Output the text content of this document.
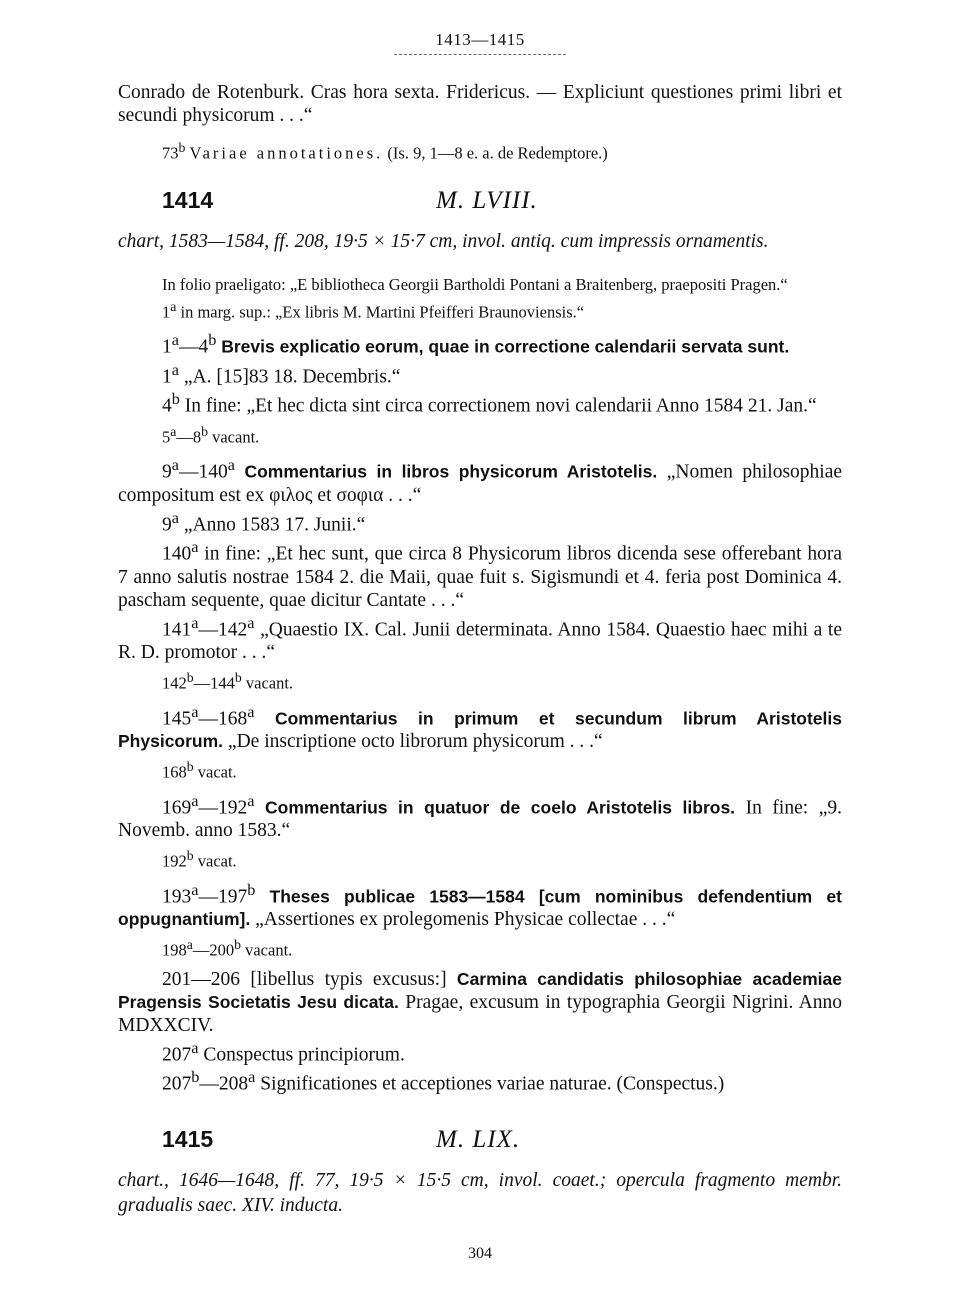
1413—1415

Conrado de Rotenburk. Cras hora sexta. Fridericus. — Expliciunt questiones primi libri et secundi physicorum . . .“

73$^b$ Variae annotationes. (Is. 9, 1—8 e. a. de Redemptore.)

1414	M. LVIII.

chart, 1583—1584, ff. 208, 19·5 × 15·7 cm, invol. antiq. cum impressis ornamentis.

In folio praeligato: „E bibliotheca Georgii Bartholdi Pontani a Braitenberg, praepositi Pragen.“

1$^a$ in marg. sup.: „Ex libris M. Martini Pfeifferi Braunoviensis.“

1$^a$—4$^b$ Brevis explicatio eorum, quae in correctione calendarii servata sunt.

1$^a$ „A. [15]83 18. Decembris.“

4$^b$ In fine: „Et hec dicta sint circa correctionem novi calendarii Anno 1584 21. Jan.“

5$^a$—8$^b$ vacant.

9$^a$—140$^a$ Commentarius in libros physicorum Aristotelis. „Nomen philosophiae compositum est ex φιλος et σοφια . . .“

9$^a$ „Anno 1583 17. Junii.“

140$^a$ in fine: „Et hec sunt, que circa 8 Physicorum libros dicenda sese offerebant hora 7 anno salutis nostrae 1584 2. die Maii, quae fuit s. Sigismundi et 4. feria post Dominica 4. pascham sequente, quae dicitur Cantate . . .“

141$^a$—142$^a$ „Quaestio IX. Cal. Junii determinata. Anno 1584. Quaestio haec mihi a te R. D. promotor . . .“

142$^b$—144$^b$ vacant.

145$^a$—168$^a$ Commentarius in primum et secundum librum Aristotelis Physicorum. „De inscriptione octo librorum physicorum . . .“

168$^b$ vacat.

169$^a$—192$^a$ Commentarius in quatuor de coelo Aristotelis libros. In fine: „9. Novemb. anno 1583.“

192$^b$ vacat.

193$^a$—197$^b$ Theses publicae 1583—1584 [cum nominibus defendentium et oppugnantium]. „Assertiones ex prolegomenis Physicae collectae . . .“

198$^a$—200$^b$ vacant.

201—206 [libellus typis excusus:] Carmina candidatis philosophiae academiae Pragensis Societatis Jesu dicata. Pragae, excusum in typographia Georgii Nigrini. Anno MDXXCIV.

207$^a$ Conspectus principiorum.

207$^b$—208$^a$ Significationes et acceptiones variae naturae. (Conspectus.)

1415	M. LIX.

chart., 1646—1648, ff. 77, 19·5 × 15·5 cm, invol. coaet.; opercula fragmento membr. gradualis saec. XIV. inducta.

304
